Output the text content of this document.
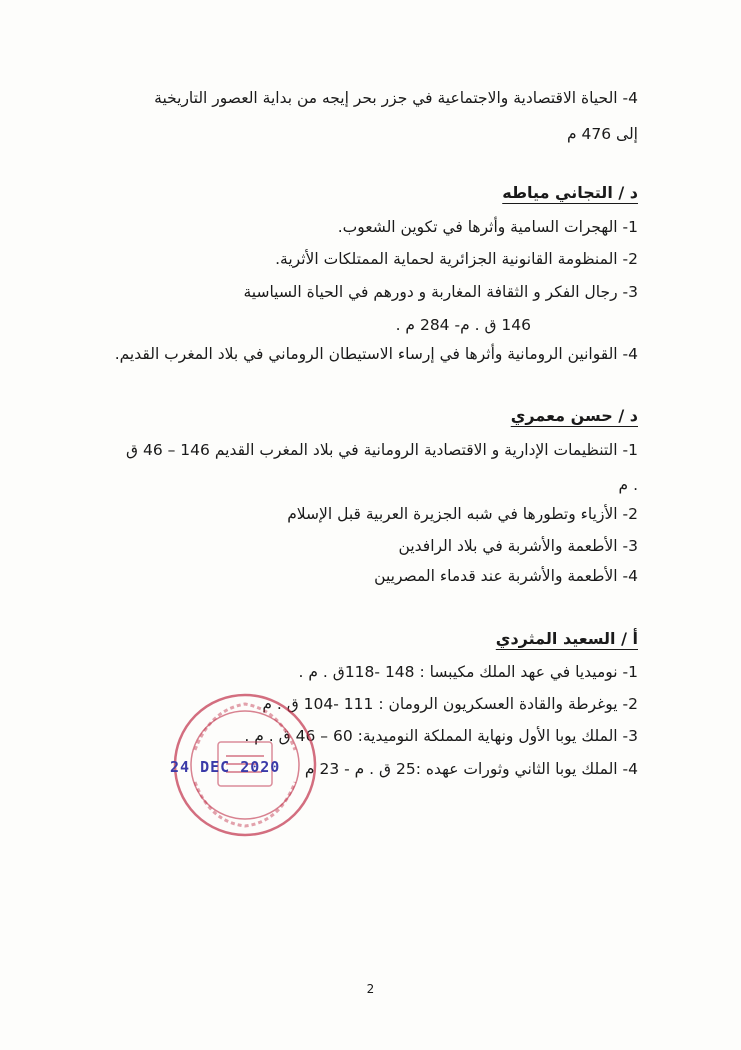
4- الحياة الاقتصادية والاجتماعية في جزر بحر إيجه من بداية العصور التاريخية
إلى 476 م
د / التجاني مياطه
1- الهجرات السامية وأثرها في تكوين الشعوب.
2- المنظومة القانونية الجزائرية لحماية الممتلكات الأثرية.
3- رجال الفكر و الثقافة المغاربة و دورهم في الحياة السياسية
146 ق . م- 284 م .
4- القوانين الرومانية وأثرها في إرساء الاستيطان الروماني في بلاد المغرب القديم.
د / حسن معمري
1- التنظيمات الإدارية و الاقتصادية الرومانية في بلاد المغرب القديم 146 – 46 ق
. م
2- الأزياء وتطورها في شبه الجزيرة العربية قبل الإسلام
3- الأطعمة والأشربة في بلاد الرافدين
4- الأطعمة والأشربة عند قدماء المصريين
أ / السعيد المثردي
1- نوميديا في عهد الملك مكيبسا : 148 -118ق . م .
2- يوغرطة والقادة العسكريون الرومان : 111 -104 ق . م
3- الملك يوبا الأول ونهاية المملكة النوميدية: 60 – 46 ق . م .
4- الملك يوبا الثاني وثورات عهده :25 ق . م - 23 م
24 DEC 2020
2
